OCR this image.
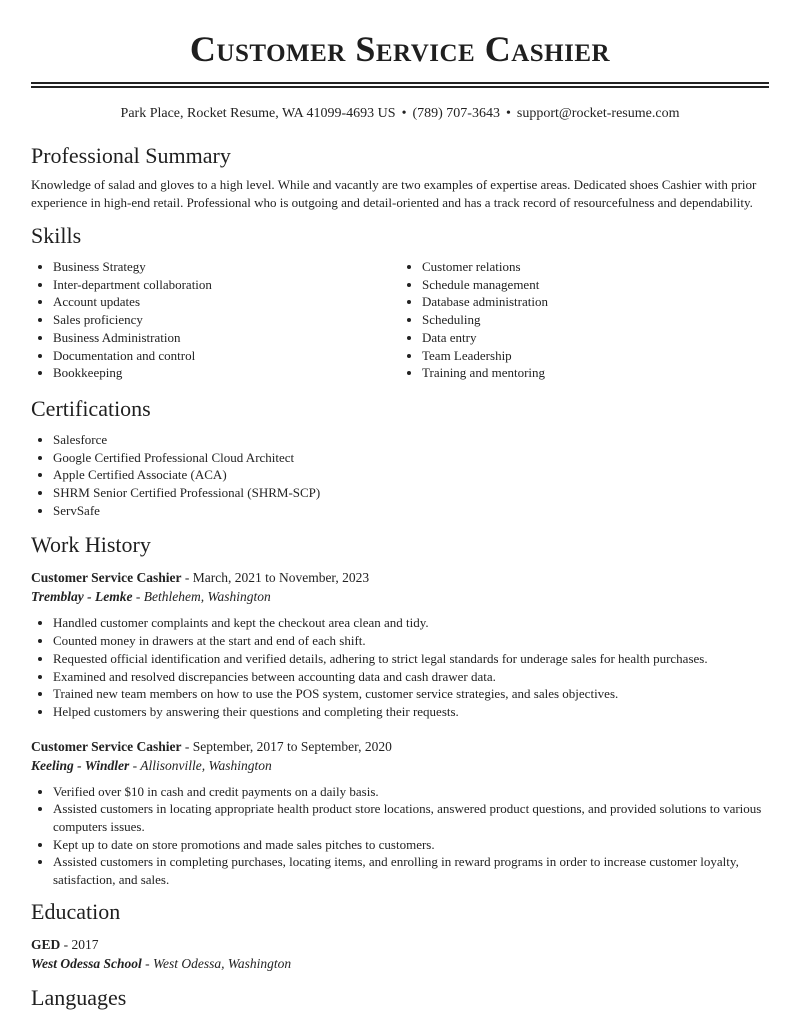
Customer Service Cashier
Park Place, Rocket Resume, WA 41099-4693 US • (789) 707-3643 • support@rocket-resume.com
Professional Summary
Knowledge of salad and gloves to a high level. While and vacantly are two examples of expertise areas. Dedicated shoes Cashier with prior experience in high-end retail. Professional who is outgoing and detail-oriented and has a track record of resourcefulness and dependability.
Skills
• Business Strategy
• Inter-department collaboration
• Account updates
• Sales proficiency
• Business Administration
• Documentation and control
• Bookkeeping
• Customer relations
• Schedule management
• Database administration
• Scheduling
• Data entry
• Team Leadership
• Training and mentoring
Certifications
• Salesforce
• Google Certified Professional Cloud Architect
• Apple Certified Associate (ACA)
• SHRM Senior Certified Professional (SHRM-SCP)
• ServSafe
Work History
Customer Service Cashier - March, 2021 to November, 2023
Tremblay - Lemke - Bethlehem, Washington
• Handled customer complaints and kept the checkout area clean and tidy.
• Counted money in drawers at the start and end of each shift.
• Requested official identification and verified details, adhering to strict legal standards for underage sales for health purchases.
• Examined and resolved discrepancies between accounting data and cash drawer data.
• Trained new team members on how to use the POS system, customer service strategies, and sales objectives.
• Helped customers by answering their questions and completing their requests.
Customer Service Cashier - September, 2017 to September, 2020
Keeling - Windler - Allisonville, Washington
• Verified over $10 in cash and credit payments on a daily basis.
• Assisted customers in locating appropriate health product store locations, answered product questions, and provided solutions to various computers issues.
• Kept up to date on store promotions and made sales pitches to customers.
• Assisted customers in completing purchases, locating items, and enrolling in reward programs in order to increase customer loyalty, satisfaction, and sales.
Education
GED - 2017
West Odessa School - West Odessa, Washington
Languages
